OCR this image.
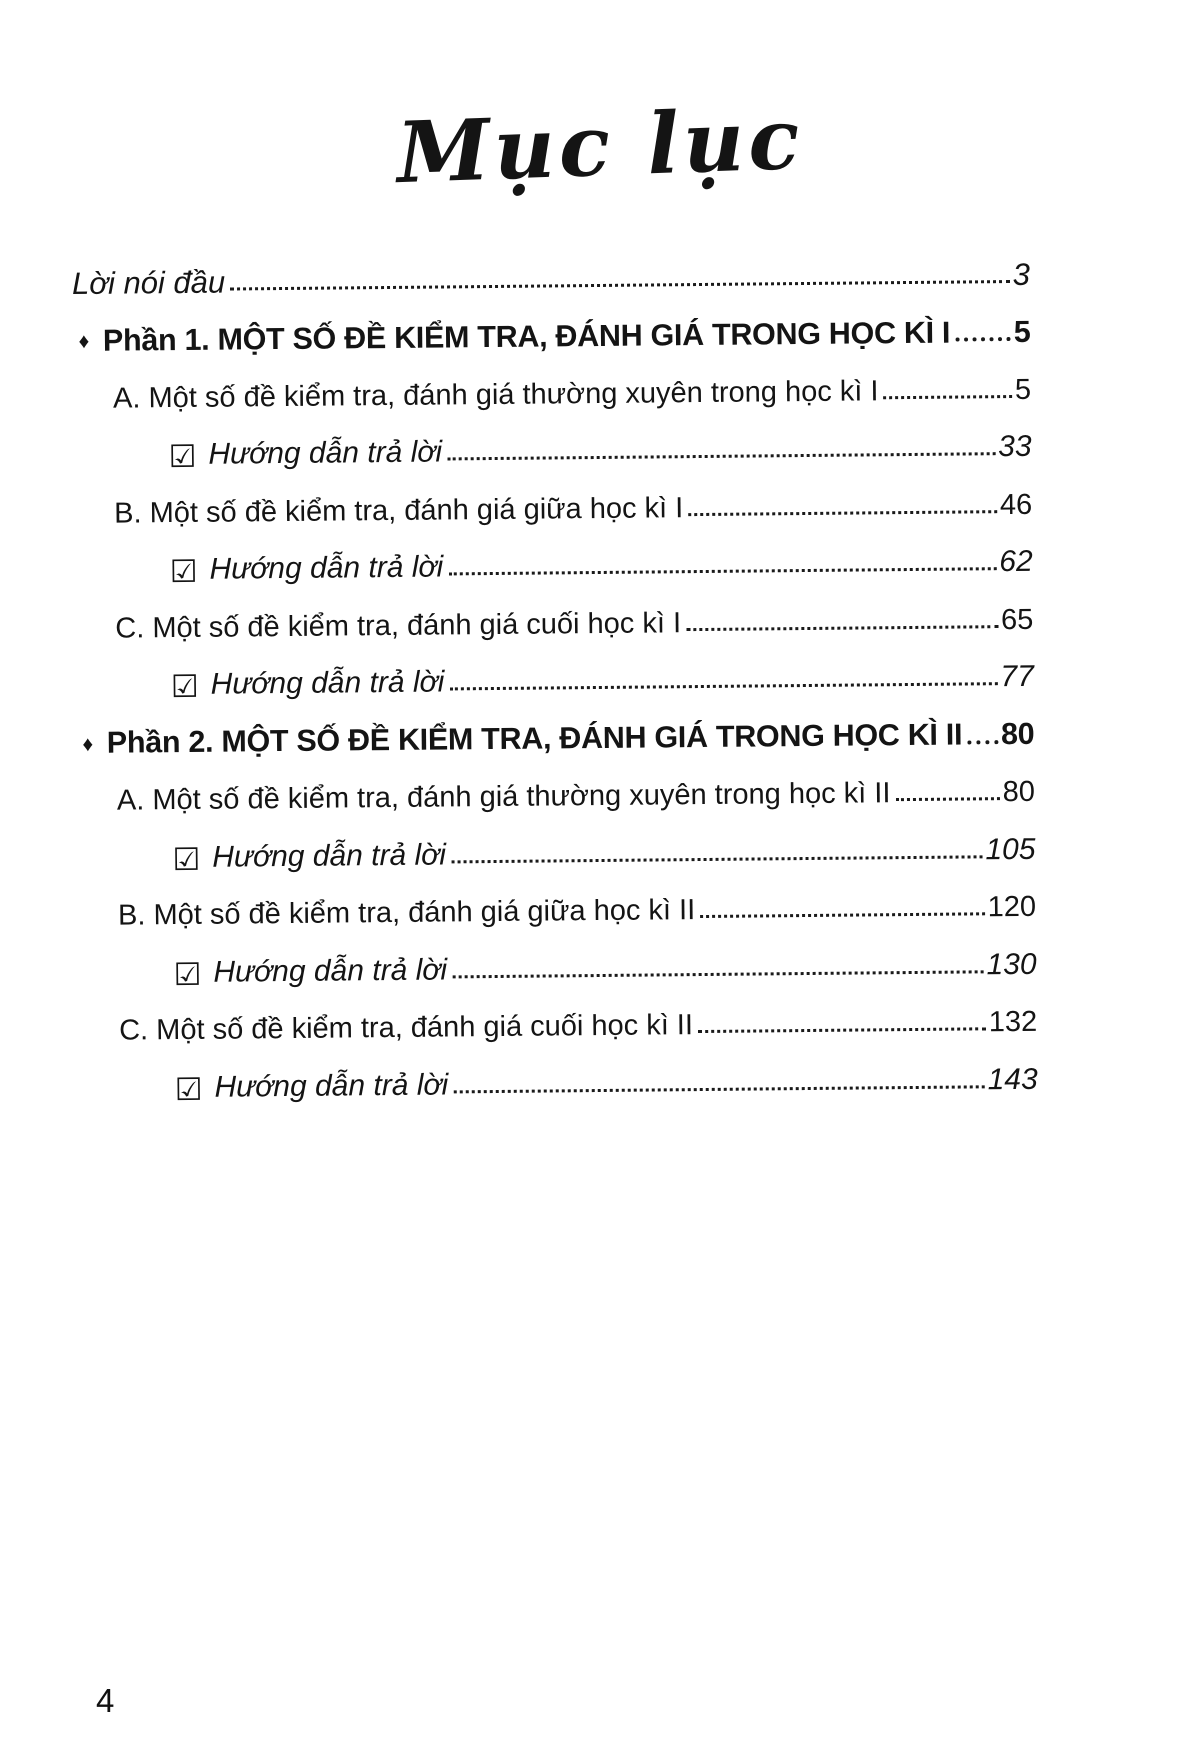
Mục lục
Lời nói đầu	3
♦ Phần 1. MỘT SỐ ĐỀ KIỂM TRA, ĐÁNH GIÁ TRONG HỌC KÌ I 5
A. Một số đề kiểm tra, đánh giá thường xuyên trong học kì I	5
☑ Hướng dẫn trả lời	33
B. Một số đề kiểm tra, đánh giá giữa học kì I	46
☑ Hướng dẫn trả lời	62
C. Một số đề kiểm tra, đánh giá cuối học kì I	65
☑ Hướng dẫn trả lời	77
♦ Phần 2. MỘT SỐ ĐỀ KIỂM TRA, ĐÁNH GIÁ TRONG HỌC KÌ II 80
A. Một số đề kiểm tra, đánh giá thường xuyên trong học kì II	80
☑ Hướng dẫn trả lời	105
B. Một số đề kiểm tra, đánh giá giữa học kì II	120
☑ Hướng dẫn trả lời	130
C. Một số đề kiểm tra, đánh giá cuối học kì II	132
☑ Hướng dẫn trả lời	143
4
